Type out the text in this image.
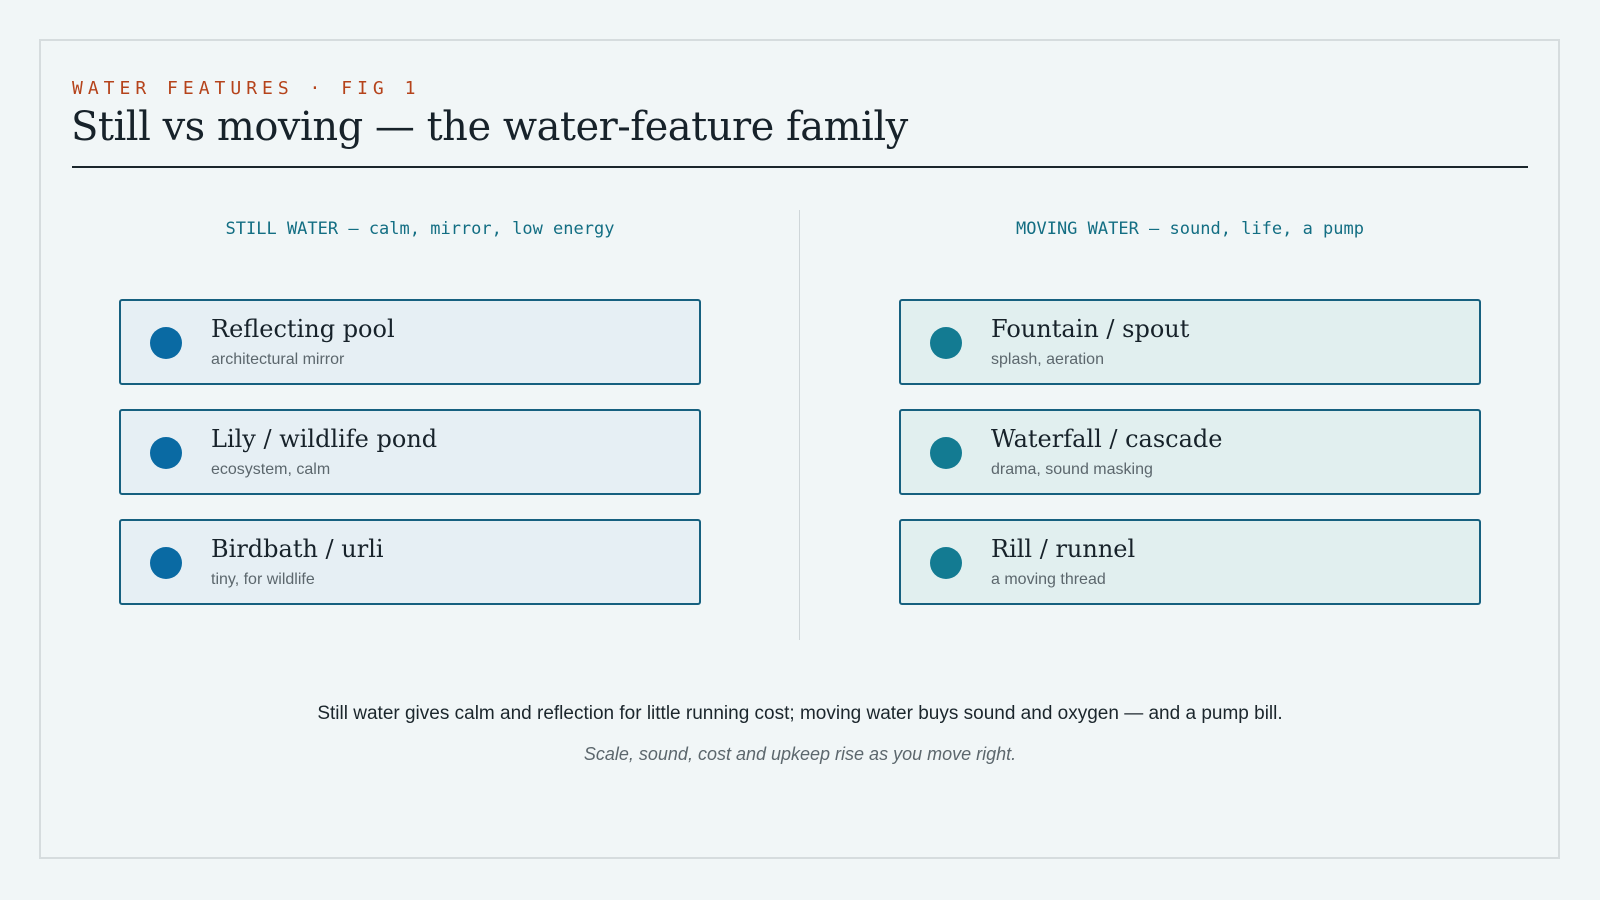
WATER FEATURES · FIG 1
Still vs moving — the water-feature family
STILL WATER — calm, mirror, low energy	MOVING WATER — sound, life, a pump
Reflecting pool
architectural mirror
Lily / wildlife pond
ecosystem, calm
Birdbath / urli
tiny, for wildlife
Fountain / spout
splash, aeration
Waterfall / cascade
drama, sound masking
Rill / runnel
a moving thread
Still water gives calm and reflection for little running cost; moving water buys sound and oxygen — and a pump bill.
Scale, sound, cost and upkeep rise as you move right.
